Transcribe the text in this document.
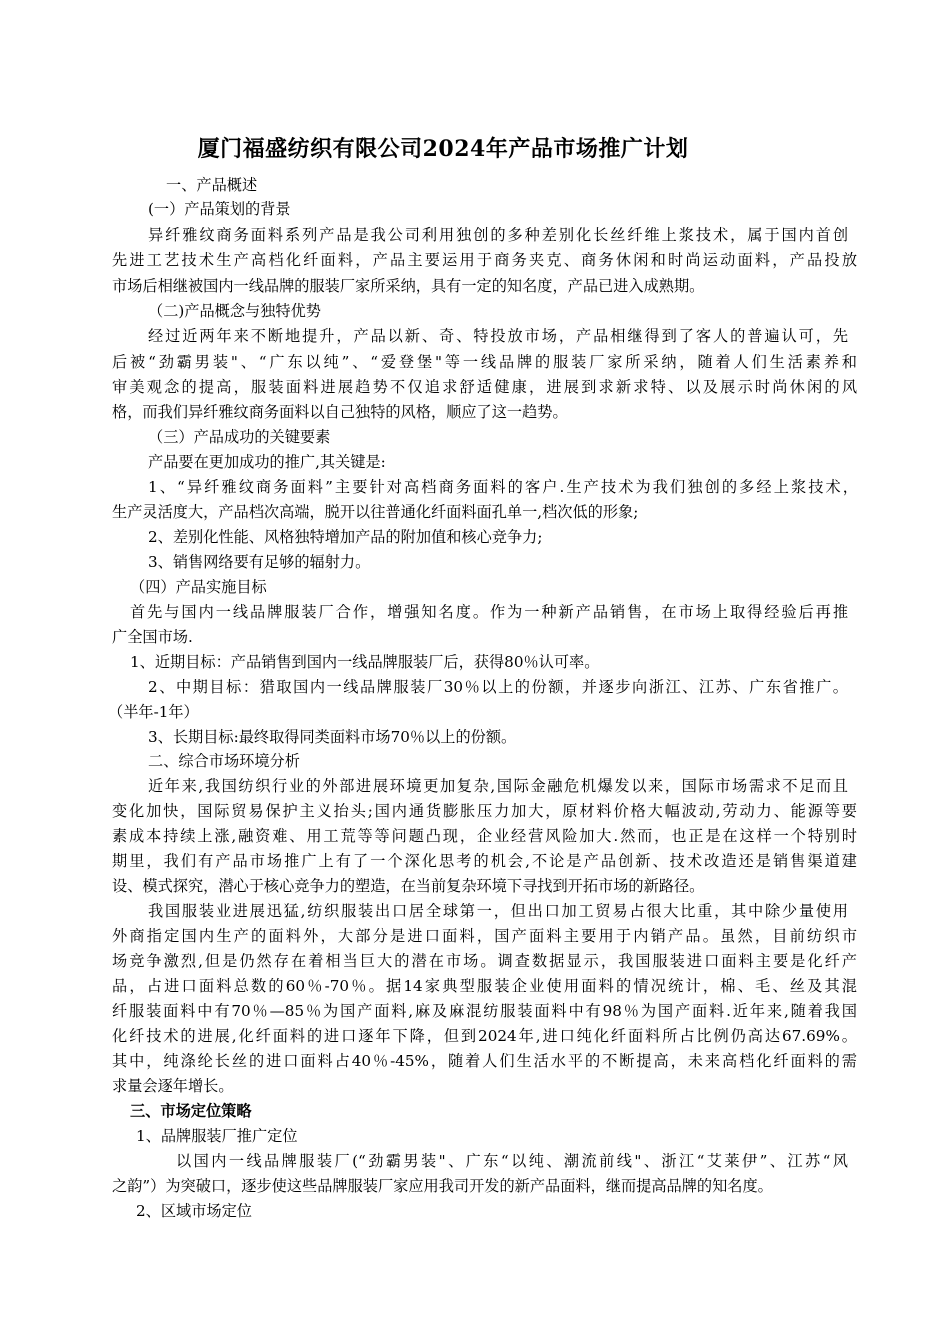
厦门福盛纺织有限公司2024年产品市场推广计划
一、产品概述
(一）产品策划的背景
异纤雅纹商务面料系列产品是我公司利用独创的多种差别化长丝纤维上浆技术，属于国内首创
先进工艺技术生产高档化纤面料，产品主要运用于商务夹克、商务休闲和时尚运动面料，产品投放
市场后相继被国内一线品牌的服装厂家所采纳，具有一定的知名度，产品已进入成熟期。
（二)产品概念与独特优势
经过近两年来不断地提升，产品以新、奇、特投放市场，产品相继得到了客人的普遍认可，先
后被“劲霸男装"、“广东以纯”、“爱登堡"等一线品牌的服装厂家所采纳，随着人们生活素养和
审美观念的提高，服装面料进展趋势不仅追求舒适健康，进展到求新求特、以及展示时尚休闲的风
格，而我们异纤雅纹商务面料以自己独特的风格，顺应了这一趋势。
（三）产品成功的关键要素
产品要在更加成功的推广,其关键是:
1、“异纤雅纹商务面料”主要针对高档商务面料的客户.生产技术为我们独创的多经上浆技术，
生产灵活度大，产品档次高端，脱开以往普通化纤面料面孔单一,档次低的形象;
2、差别化性能、风格独特增加产品的附加值和核心竞争力;
3、销售网络要有足够的辐射力。
（四）产品实施目标
首先与国内一线品牌服装厂合作，增强知名度。作为一种新产品销售，在市场上取得经验后再推
广全国市场.
1、近期目标：产品销售到国内一线品牌服装厂后，获得80％认可率。
2、中期目标：猎取国内一线品牌服装厂30％以上的份额，并逐步向浙江、江苏、广东省推广。
（半年-1年）
3、长期目标:最终取得同类面料市场70％以上的份额。
二、综合市场环境分析
近年来,我国纺织行业的外部进展环境更加复杂,国际金融危机爆发以来，国际市场需求不足而且
变化加快，国际贸易保护主义抬头;国内通货膨胀压力加大，原材料价格大幅波动,劳动力、能源等要
素成本持续上涨,融资难、用工荒等等问题凸现，企业经营风险加大.然而，也正是在这样一个特别时
期里，我们有产品市场推广上有了一个深化思考的机会,不论是产品创新、技术改造还是销售渠道建
设、模式探究，潜心于核心竞争力的塑造，在当前复杂环境下寻找到开拓市场的新路径。
我国服装业进展迅猛,纺织服装出口居全球第一，但出口加工贸易占很大比重，其中除少量使用
外商指定国内生产的面料外，大部分是进口面料，国产面料主要用于内销产品。虽然，目前纺织市
场竞争激烈,但是仍然存在着相当巨大的潜在市场。调查数据显示，我国服装进口面料主要是化纤产
品，占进口面料总数的60％-70％。据14家典型服装企业使用面料的情况统计，棉、毛、丝及其混
纤服装面料中有70％—85％为国产面料,麻及麻混纺服装面料中有98％为国产面料.近年来,随着我国
化纤技术的进展,化纤面料的进口逐年下降，但到2024年,进口纯化纤面料所占比例仍高达67.69%。
其中，纯涤纶长丝的进口面料占40％-45%，随着人们生活水平的不断提高，未来高档化纤面料的需
求量会逐年增长。
三、市场定位策略
1、品牌服装厂推广定位
以国内一线品牌服装厂(“劲霸男装"、广东“以纯、潮流前线"、浙江“艾莱伊”、江苏“风
之韵”）为突破口，逐步使这些品牌服装厂家应用我司开发的新产品面料，继而提高品牌的知名度。
2、区域市场定位
